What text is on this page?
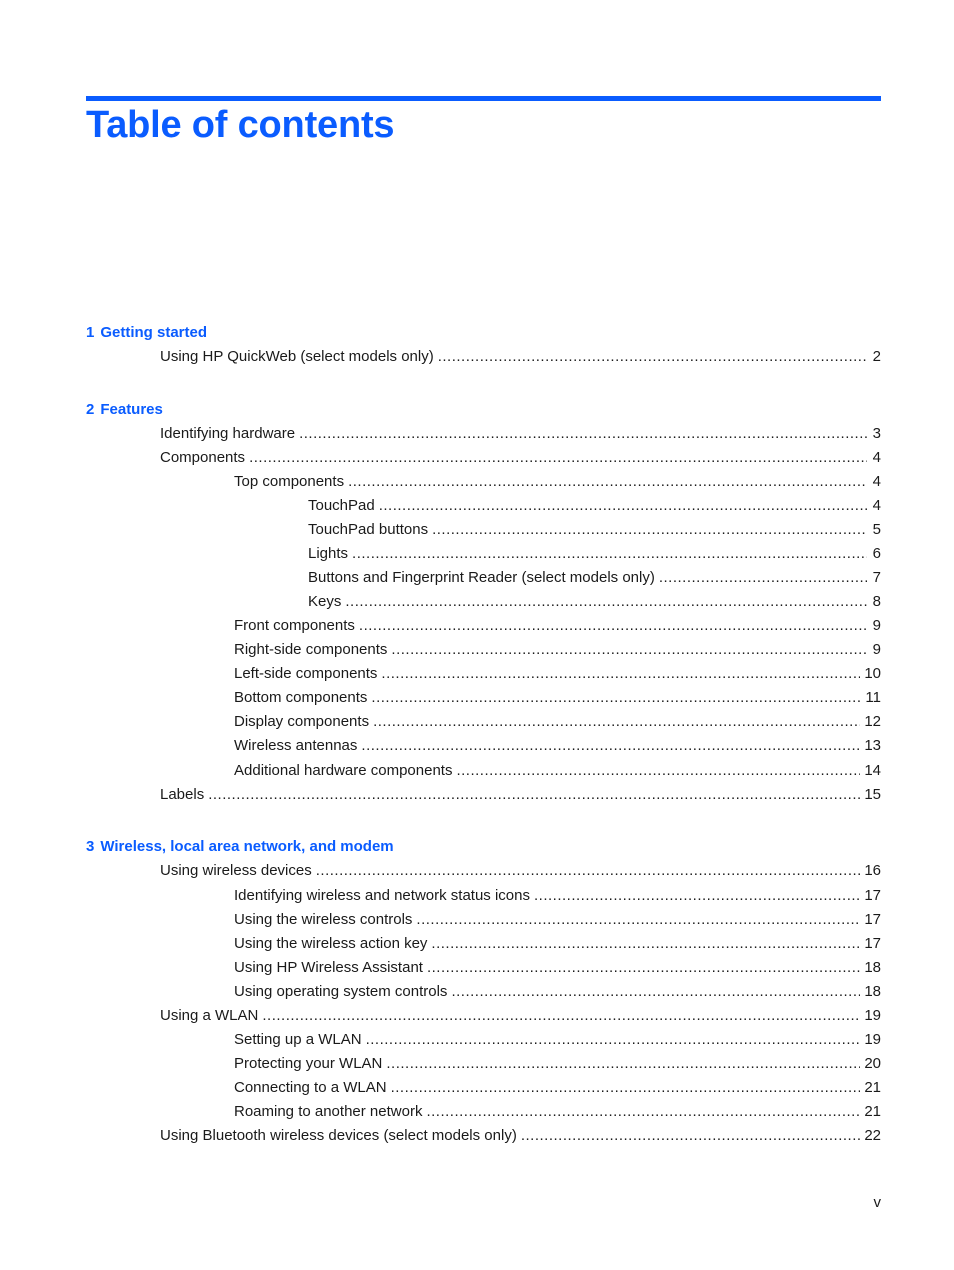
Table of contents
1 Getting started
Using HP QuickWeb (select models only) .....	2
2 Features
Identifying hardware .....	3
Components .....	4
Top components .....	4
TouchPad .....	4
TouchPad buttons .....	5
Lights .....	6
Buttons and Fingerprint Reader (select models only) .....	7
Keys .....	8
Front components .....	9
Right-side components .....	9
Left-side components .....	10
Bottom components .....	11
Display components .....	12
Wireless antennas .....	13
Additional hardware components .....	14
Labels .....	15
3 Wireless, local area network, and modem
Using wireless devices .....	16
Identifying wireless and network status icons .....	17
Using the wireless controls .....	17
Using the wireless action key .....	17
Using HP Wireless Assistant .....	18
Using operating system controls .....	18
Using a WLAN .....	19
Setting up a WLAN .....	19
Protecting your WLAN .....	20
Connecting to a WLAN .....	21
Roaming to another network .....	21
Using Bluetooth wireless devices (select models only) .....	22
v
